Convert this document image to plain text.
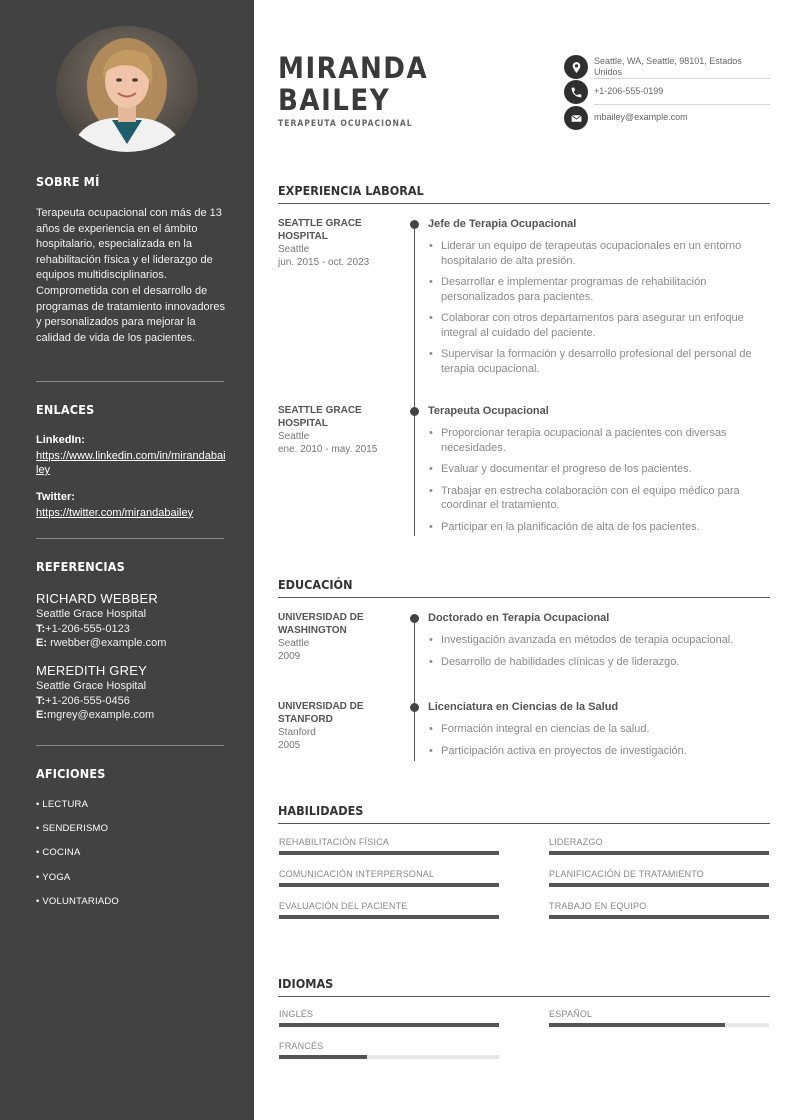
SOBRE MÍ
Terapeuta ocupacional con más de 13 años de experiencia en el ámbito hospitalario, especializada en la rehabilitación física y el liderazgo de equipos multidisciplinarios. Comprometida con el desarrollo de programas de tratamiento innovadores y personalizados para mejorar la calidad de vida de los pacientes.
ENLACES
LinkedIn:
https://www.linkedin.com/in/mirandabailey
Twitter:
https://twitter.com/mirandabailey
REFERENCIAS
RICHARD WEBBER
Seattle Grace Hospital
T:+1-206-555-0123
E: rwebber@example.com
MEREDITH GREY
Seattle Grace Hospital
T:+1-206-555-0456
E:mgrey@example.com
AFICIONES
• LECTURA
• SENDERISMO
• COCINA
• YOGA
• VOLUNTARIADO
MIRANDA
BAILEY
TERAPEUTA OCUPACIONAL
Seattle, WA, Seattle, 98101, Estados Unidos
+1-206-555-0199
mbailey@example.com
EXPERIENCIA LABORAL
SEATTLE GRACE HOSPITAL
Seattle
jun. 2015 - oct. 2023
Jefe de Terapia Ocupacional
• Liderar un equipo de terapeutas ocupacionales en un entorno hospitalario de alta presión.
• Desarrollar e implementar programas de rehabilitación personalizados para pacientes.
• Colaborar con otros departamentos para asegurar un enfoque integral al cuidado del paciente.
• Supervisar la formación y desarrollo profesional del personal de terapia ocupacional.
SEATTLE GRACE HOSPITAL
Seattle
ene. 2010 - may. 2015
Terapeuta Ocupacional
• Proporcionar terapia ocupacional a pacientes con diversas necesidades.
• Evaluar y documentar el progreso de los pacientes.
• Trabajar en estrecha colaboración con el equipo médico para coordinar el tratamiento.
• Participar en la planificación de alta de los pacientes.
EDUCACIÓN
UNIVERSIDAD DE WASHINGTON
Seattle
2009
Doctorado en Terapia Ocupacional
• Investigación avanzada en métodos de terapia ocupacional.
• Desarrollo de habilidades clínicas y de liderazgo.
UNIVERSIDAD DE STANFORD
Stanford
2005
Licenciatura en Ciencias de la Salud
• Formación integral en ciencias de la salud.
• Participación activa en proyectos de investigación.
HABILIDADES
REHABILITACIÓN FÍSICA	LIDERAZGO
COMUNICACIÓN INTERPERSONAL	PLANIFICACIÓN DE TRATAMIENTO
EVALUACIÓN DEL PACIENTE	TRABAJO EN EQUIPO
IDIOMAS
INGLÉS	ESPAÑOL
FRANCÉS
